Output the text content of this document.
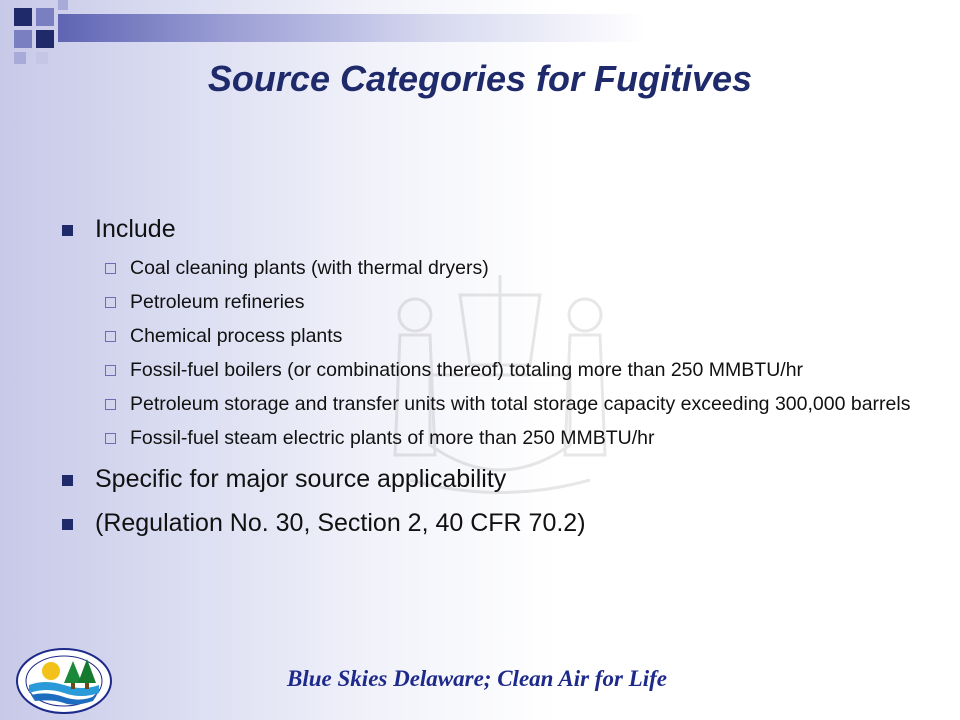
Source Categories for Fugitives
Include
Coal cleaning plants (with thermal dryers)
Petroleum refineries
Chemical process plants
Fossil-fuel boilers (or combinations thereof) totaling more than 250 MMBTU/hr
Petroleum storage and transfer units with total storage capacity exceeding 300,000 barrels
Fossil-fuel steam electric plants of more than 250 MMBTU/hr
Specific for major source applicability
(Regulation No. 30, Section 2, 40 CFR 70.2)
Blue Skies Delaware; Clean Air for Life
